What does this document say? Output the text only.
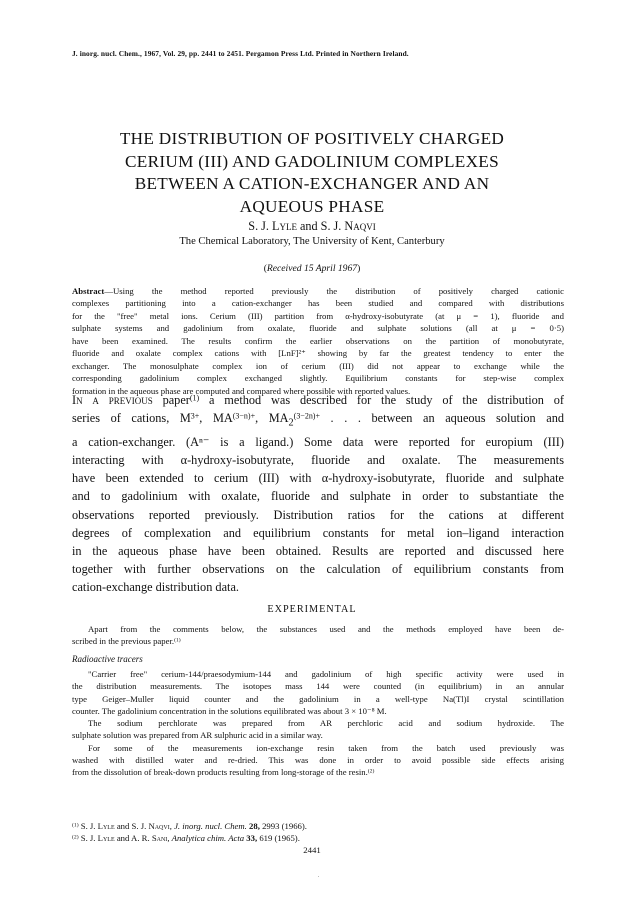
J. inorg. nucl. Chem., 1967, Vol. 29, pp. 2441 to 2451. Pergamon Press Ltd. Printed in Northern Ireland.
THE DISTRIBUTION OF POSITIVELY CHARGED
CERIUM (III) AND GADOLINIUM COMPLEXES
BETWEEN A CATION-EXCHANGER AND AN
AQUEOUS PHASE
S. J. Lyle and S. J. Naqvi
The Chemical Laboratory, The University of Kent, Canterbury
(Received 15 April 1967)
Abstract—Using the method reported previously the distribution of positively charged cationic
complexes partitioning into a cation-exchanger has been studied and compared with distributions
for the "free" metal ions. Cerium (III) partition from α-hydroxy-isobutyrate (at μ = 1), fluoride and
sulphate systems and gadolinium from oxalate, fluoride and sulphate solutions (all at μ = 0·5)
have been examined. The results confirm the earlier observations on the partition of monobutyrate,
fluoride and oxalate complex cations with [LnF]²⁺ showing by far the greatest tendency to enter the
exchanger. The monosulphate complex ion of cerium (III) did not appear to exchange while the
corresponding gadolinium complex exchanged slightly. Equilibrium constants for step-wise complex
formation in the aqueous phase are computed and compared where possible with reported values.
In a previous paper$^{(1)}$ a method was described for the study of the distribution of
series of cations, $M^{3+}$, $MA^{(3-n)+}$, $MA_2^{(3-2n)+}$ . . . between an aqueous solution and
a cation-exchanger. (Aⁿ⁻ is a ligand.) Some data were reported for europium (III)
interacting with α-hydroxy-isobutyrate, fluoride and oxalate. The measurements
have been extended to cerium (III) with α-hydroxy-isobutyrate, fluoride and sulphate
and to gadolinium with oxalate, fluoride and sulphate in order to substantiate the
observations reported previously. Distribution ratios for the cations at different
degrees of complexation and equilibrium constants for metal ion–ligand interaction
in the aqueous phase have been obtained. Results are reported and discussed here
together with further observations on the calculation of equilibrium constants from
cation-exchange distribution data.
EXPERIMENTAL
Apart from the comments below, the substances used and the methods employed have been de-
scribed in the previous paper.$^{(1)}$
Radioactive tracers
"Carrier free" cerium-144/praesodymium-144 and gadolinium of high specific activity were used in
the distribution measurements. The isotopes mass 144 were counted (in equilibrium) in an annular
type Geiger–Muller liquid counter and the gadolinium in a well-type Na(Tl)I crystal scintillation
counter. The gadolinium concentration in the solutions equilibrated was about 3 × 10⁻⁸ M.
The sodium perchlorate was prepared from AR perchloric acid and sodium hydroxide. The
sulphate solution was prepared from AR sulphuric acid in a similar way.
For some of the measurements ion-exchange resin taken from the batch used previously was
washed with distilled water and re-dried. This was done in order to avoid possible side effects arising
from the dissolution of break-down products resulting from long-storage of the resin.$^{(2)}$
$^{(1)}$ S. J. Lyle and S. J. Naqvi, J. inorg. nucl. Chem. 28, 2993 (1966).
$^{(2)}$ S. J. Lyle and A. R. Sani, Analytica chim. Acta 33, 619 (1965).
2441
